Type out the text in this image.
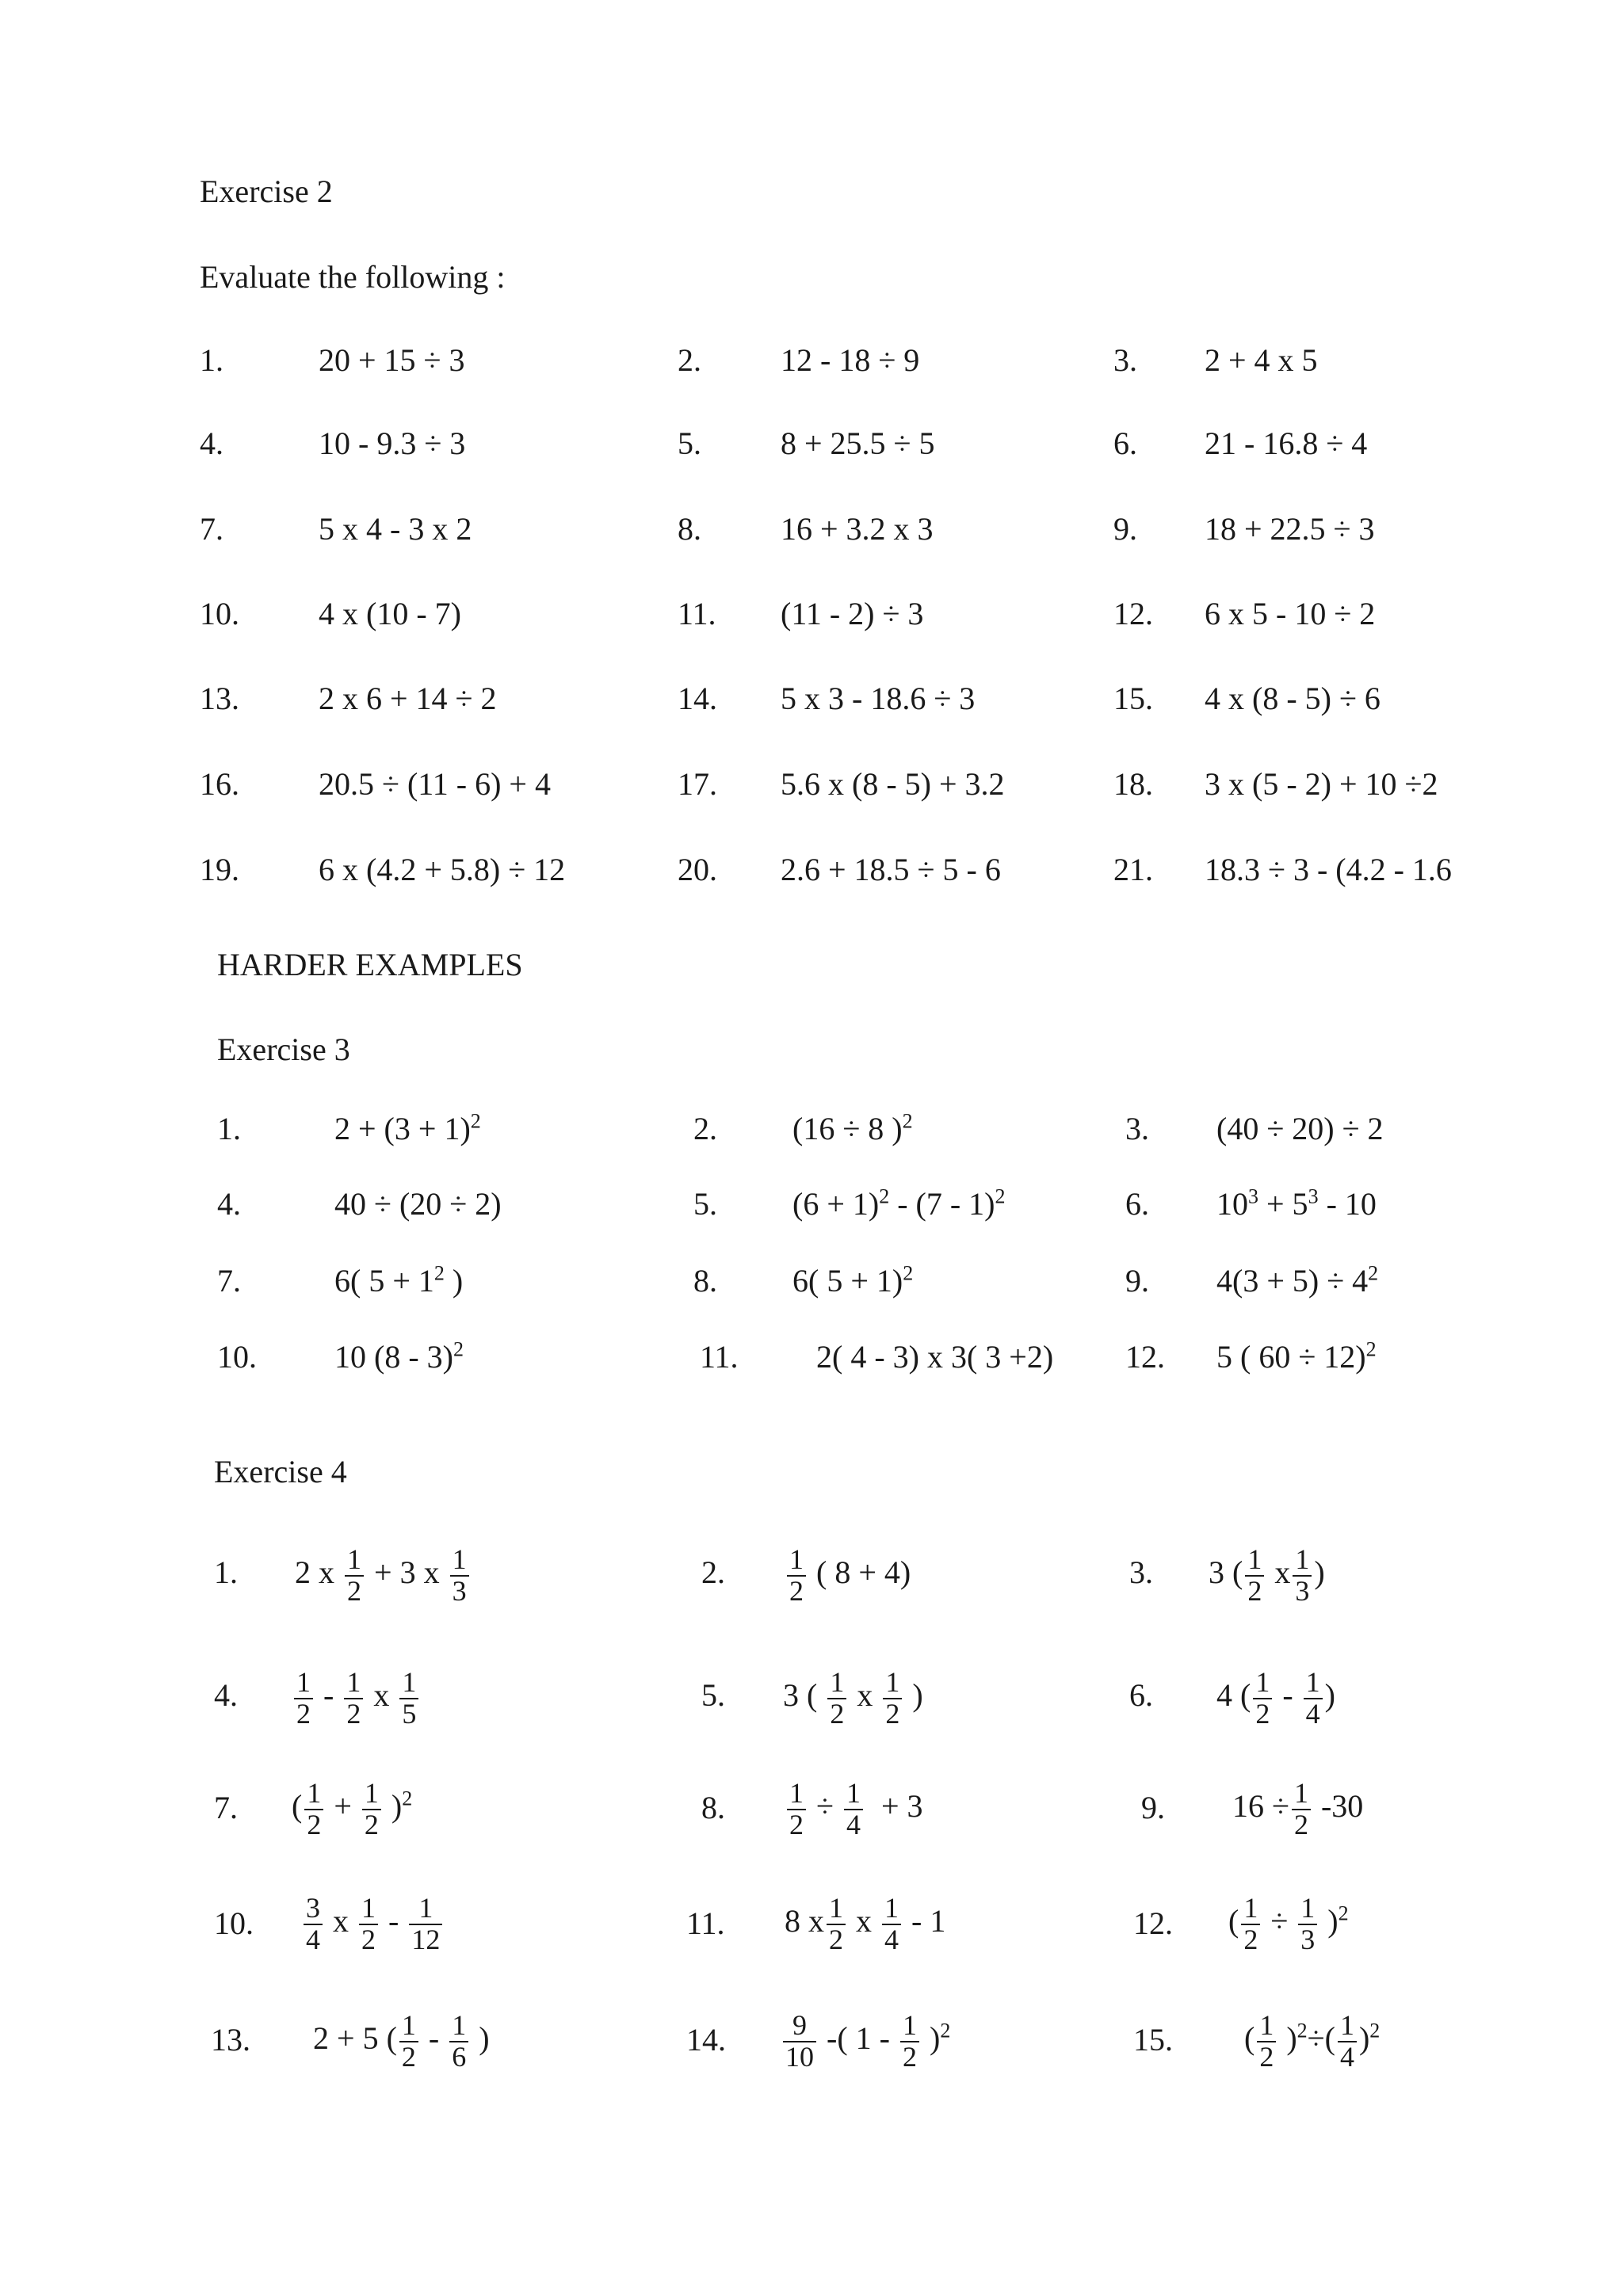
Exercise 2
Evaluate the following :
1.	20 + 15 ÷ 3	2.	12 - 18 ÷ 9	3. 2 + 4 x 5
4.	10 - 9.3 ÷ 3	5.	8 + 25.5 ÷ 5	6. 21 - 16.8 ÷ 4
7.	5 x 4 - 3 x 2	8.	16 + 3.2 x 3	9. 18 + 22.5 ÷ 3
10.	4 x (10 - 7)	11. (11 - 2) ÷ 3	12. 6 x 5 - 10 ÷ 2
13.	2 x 6 + 14 ÷ 2	14. 5 x 3 - 18.6 ÷ 3	15. 4 x (8 - 5) ÷ 6
16.	20.5 ÷ (11 - 6) + 4	17. 5.6 x (8 - 5) + 3.2	18. 3 x (5 - 2) + 10 ÷2
19.	6 x (4.2 + 5.8) ÷ 12	20. 2.6 + 18.5 ÷ 5 - 6	21. 18.3 ÷ 3 - (4.2 - 1.6
HARDER EXAMPLES
Exercise 3
1.	$2 + (3 + 1)^2$	2. (16 ÷ 8 )$^2$	3. (40 ÷ 20) ÷ 2
4.	40 ÷ (20 ÷ 2)	5. $(6 + 1)^2 - (7 - 1)^2$	6. $10^3 + 5^3 - 10$
7.	6( $5 + 1^2$ )	8. 6( 5 + 1)$^2$	9. $4(3 + 5) \div 4^2$
10. 10 (8 - 3)$^2$	11. 2( 4 - 3) x 3( 3 +2) 12. 5 ( 60 ÷ 12)$^2$
Exercise 4
1. 2 x $\frac{1}{2} + 3$ x $\frac{1}{3}$	2. $\frac{1}{2}$ ( 8 + 4)	3. 3 ( $\frac{1}{2}$ x $\frac{1}{3}$ )
4. $\frac{1}{2} - \frac{1}{2}$ x $\frac{1}{5}$	5. 3 ( $\frac{1}{2}$ x $\frac{1}{2}$ )	6. 4 ( $\frac{1}{2} - \frac{1}{4}$ )
7. ( $\frac{1}{2} + \frac{1}{2} )^2$	8. $\frac{1}{2} \div \frac{1}{4} + 3$	9. $16 \div \frac{1}{2} -30$
10. $\frac{3}{4}$ x $\frac{1}{2} - \frac{1}{12}$	11. 8 x $\frac{1}{2}$ x $\frac{1}{4} - 1$	12. ( $\frac{1}{2} \div \frac{1}{3} )^2$
13. 2 + 5 ( $\frac{1}{2} - \frac{1}{6}$ )	14. $\frac{9}{10}$ -( $1 - \frac{1}{2} )^2$	15. ( $\frac{1}{2} )^2\div( \frac{1}{4} )^2$
